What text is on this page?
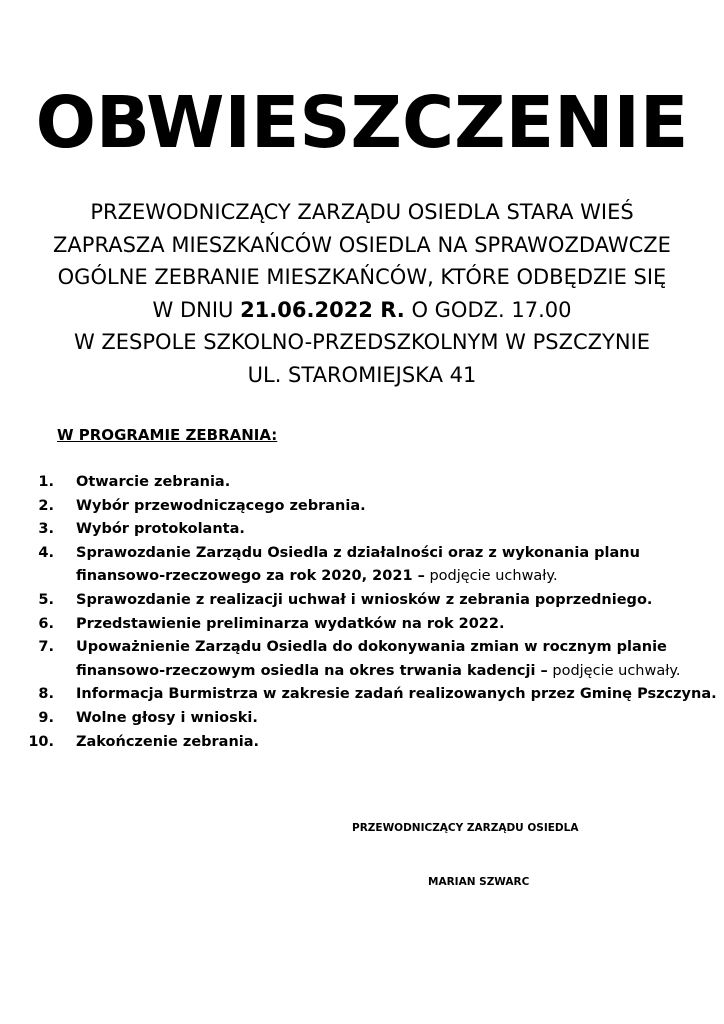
OBWIESZCZENIE
PRZEWODNICZĄCY ZARZĄDU OSIEDLA STARA WIEŚ
ZAPRASZA MIESZKAŃCÓW OSIEDLA NA SPRAWOZDAWCZE
OGÓLNE ZEBRANIE MIESZKAŃCÓW, KTÓRE ODBĘDZIE SIĘ
W DNIU 21.06.2022 R. O GODZ. 17.00
W ZESPOLE SZKOLNO-PRZEDSZKOLNYM W PSZCZYNIE
UL. STAROMIEJSKA 41
W PROGRAMIE ZEBRANIA:
1. Otwarcie zebrania.
2. Wybór przewodniczącego zebrania.
3. Wybór protokolanta.
4. Sprawozdanie Zarządu Osiedla z działalności oraz z wykonania planu
finansowo-rzeczowego za rok 2020, 2021 – podjęcie uchwały.
5. Sprawozdanie z realizacji uchwał i wniosków z zebrania poprzedniego.
6. Przedstawienie preliminarza wydatków na rok 2022.
7. Upoważnienie Zarządu Osiedla do dokonywania zmian w rocznym planie
finansowo-rzeczowym osiedla na okres trwania kadencji – podjęcie uchwały.
8. Informacja Burmistrza w zakresie zadań realizowanych przez Gminę Pszczyna.
9. Wolne głosy i wnioski.
10. Zakończenie zebrania.
PRZEWODNICZĄCY ZARZĄDU OSIEDLA
MARIAN SZWARC
